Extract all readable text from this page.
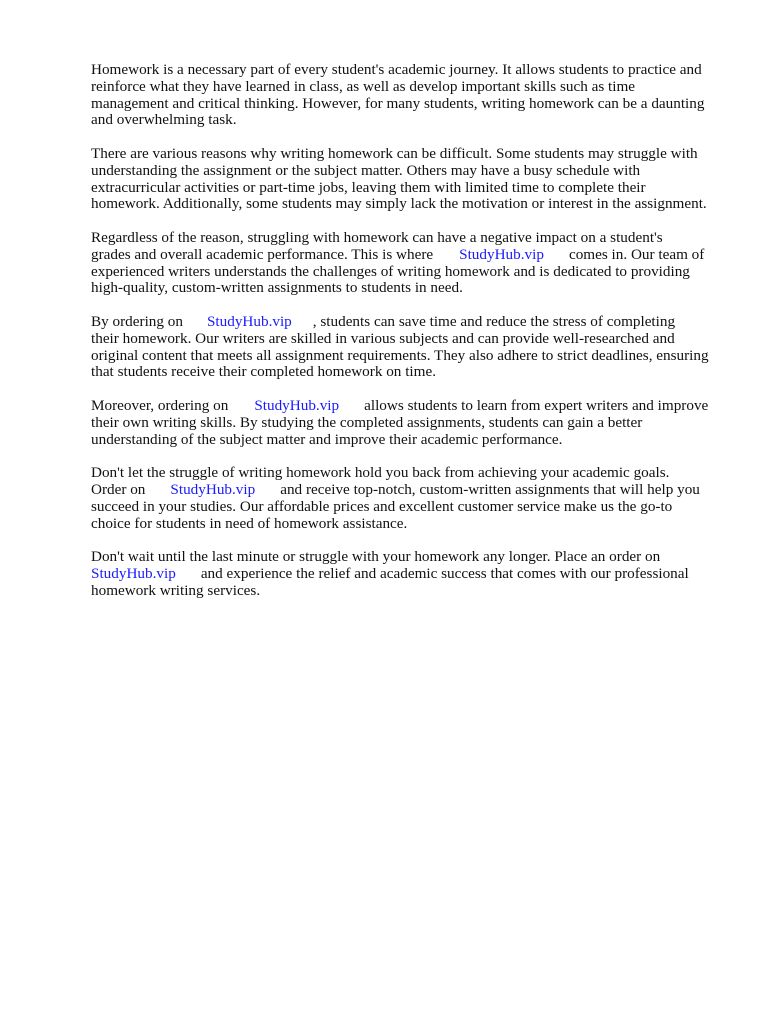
Homework is a necessary part of every student's academic journey. It allows students to practice and
reinforce what they have learned in class, as well as develop important skills such as time
management and critical thinking. However, for many students, writing homework can be a daunting
and overwhelming task.

There are various reasons why writing homework can be difficult. Some students may struggle with
understanding the assignment or the subject matter. Others may have a busy schedule with
extracurricular activities or part-time jobs, leaving them with limited time to complete their
homework. Additionally, some students may simply lack the motivation or interest in the assignment.

Regardless of the reason, struggling with homework can have a negative impact on a student's
grades and overall academic performance. This is where StudyHub.vip comes in. Our team of
experienced writers understands the challenges of writing homework and is dedicated to providing
high-quality, custom-written assignments to students in need.

By ordering on StudyHub.vip , students can save time and reduce the stress of completing
their homework. Our writers are skilled in various subjects and can provide well-researched and
original content that meets all assignment requirements. They also adhere to strict deadlines, ensuring
that students receive their completed homework on time.

Moreover, ordering on StudyHub.vip allows students to learn from expert writers and improve
their own writing skills. By studying the completed assignments, students can gain a better
understanding of the subject matter and improve their academic performance.

Don't let the struggle of writing homework hold you back from achieving your academic goals.
Order on StudyHub.vip and receive top-notch, custom-written assignments that will help you
succeed in your studies. Our affordable prices and excellent customer service make us the go-to
choice for students in need of homework assistance.

Don't wait until the last minute or struggle with your homework any longer. Place an order on
StudyHub.vip and experience the relief and academic success that comes with our professional
homework writing services.
